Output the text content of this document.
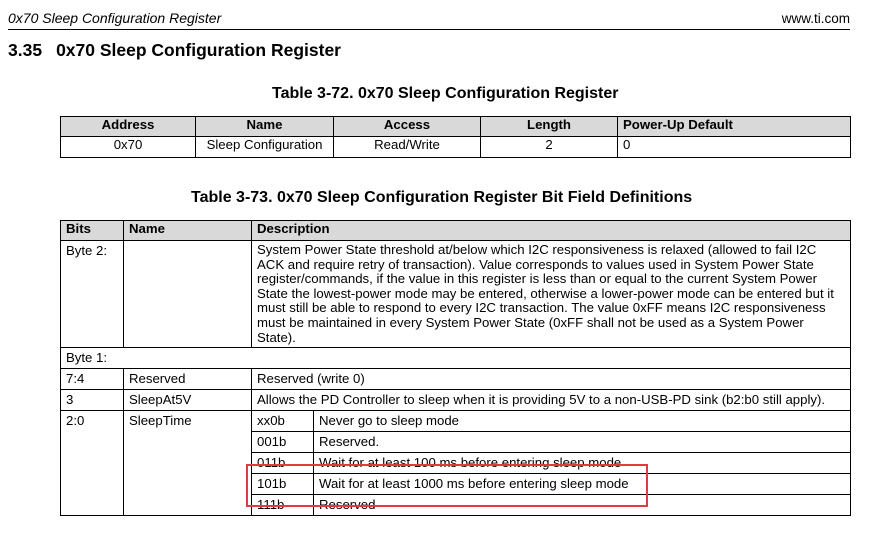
0x70 Sleep Configuration Register	www.ti.com
3.35 0x70 Sleep Configuration Register
Table 3-72. 0x70 Sleep Configuration Register
Address	Name	Access	Length	Power-Up Default
0x70	Sleep Configuration	Read/Write	2	0
Table 3-73. 0x70 Sleep Configuration Register Bit Field Definitions
Bits	Name	Description	
Byte 2:		System Power State threshold at/below which I2C responsiveness is relaxed (allowed to fail I2C ACK and require retry of transaction). Value corresponds to values used in System Power State register/commands, if the value in this register is less than or equal to the current System Power State the lowest-power mode may be entered, otherwise a lower-power mode can be entered but it must still be able to respond to every I2C transaction. The value 0xFF means I2C responsiveness must be maintained in every System Power State (0xFF shall not be used as a System Power State).	
Byte 1:			
7:4	Reserved	Reserved (write 0)	
3	SleepAt5V	Allows the PD Controller to sleep when it is providing 5V to a non-USB-PD sink (b2:b0 still apply).	
2:0	SleepTime	xx0b	Never go to sleep mode
		001b	Reserved.
		011b	Wait for at least 100 ms before entering sleep mode
		101b	Wait for at least 1000 ms before entering sleep mode
		111b	Reserved
